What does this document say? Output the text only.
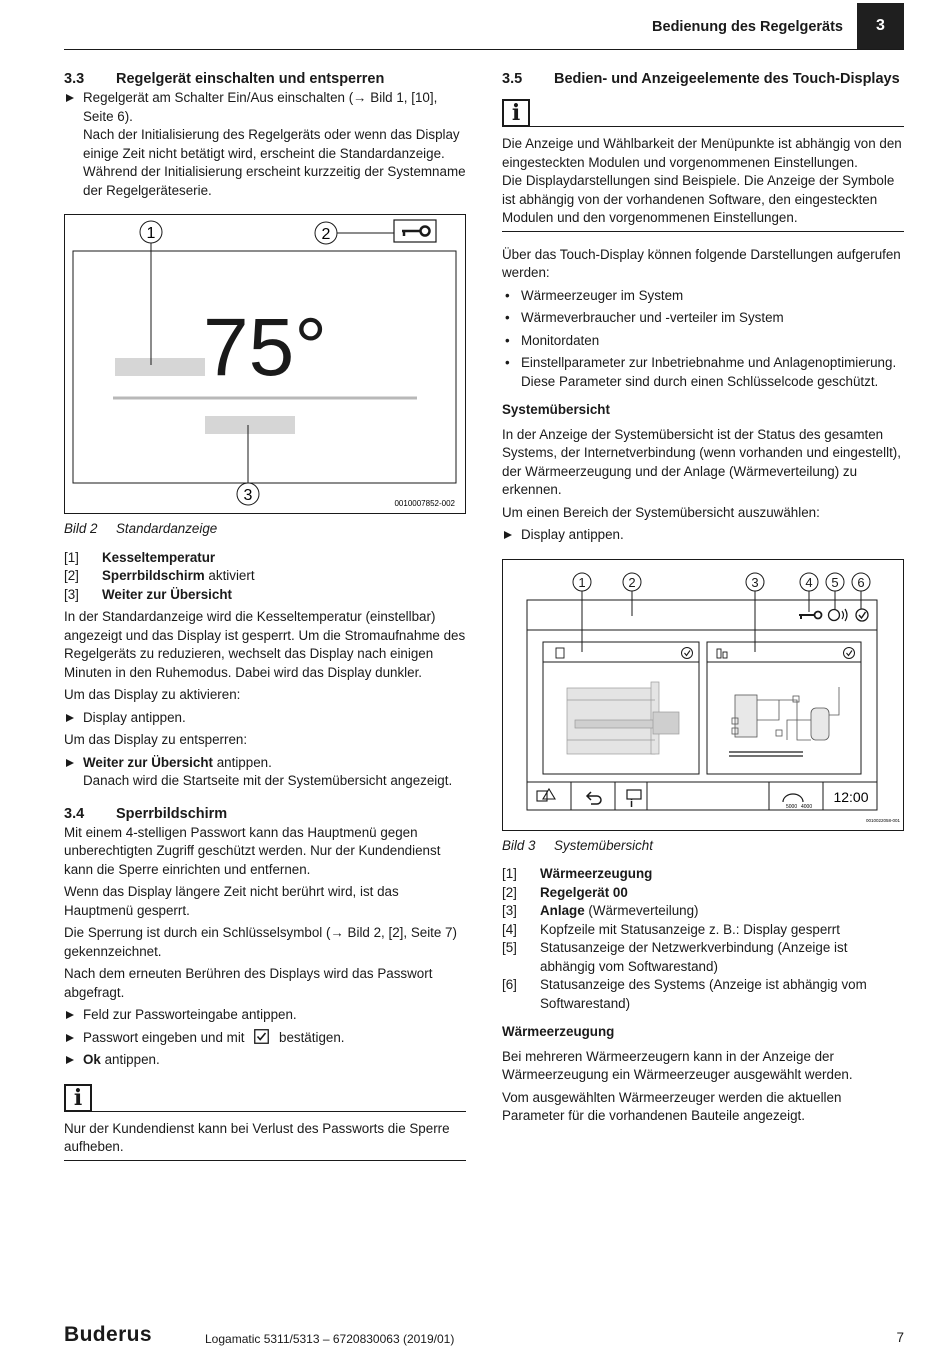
Bedienung des Regelgeräts	3
3.3	Regelgerät einschalten und entsperren
Regelgerät am Schalter Ein/Aus einschalten (→ Bild 1, [10], Seite 6).

Nach der Initialisierung des Regelgeräts oder wenn das Display einige Zeit nicht betätigt wird, erscheint die Standardanzeige.

Während der Initialisierung erscheint kurzzeitig der Systemname der Regelgeräteserie.

75°
1	2
3	0010007852-002
Bild 2	Standardanzeige
[1]	Kesseltemperatur
[2]	Sperrbildschirm aktiviert
[3]	Weiter zur Übersicht

In der Standardanzeige wird die Kesseltemperatur (einstellbar) angezeigt und das Display ist gesperrt. Um die Stromaufnahme des Regelgeräts zu reduzieren, wechselt das Display nach einigen Minuten in den Ruhemodus. Dabei wird das Display dunkler.

Um das Display zu aktivieren:

Display antippen.

Um das Display zu entsperren:

Weiter zur Übersicht antippen.

Danach wird die Startseite mit der Systemübersicht angezeigt.

3.4	Sperrbildschirm

Mit einem 4-stelligen Passwort kann das Hauptmenü gegen unberechtigten Zugriff geschützt werden. Nur der Kundendienst kann die Sperre einrichten und entfernen.

Wenn das Display längere Zeit nicht berührt wird, ist das Hauptmenü gesperrt.

Die Sperrung ist durch ein Schlüsselsymbol (→ Bild 2, [2], Seite 7) gekennzeichnet.

Nach dem erneuten Berühren des Displays wird das Passwort abgefragt.

Feld zur Passworteingabe antippen.
Passwort eingeben und mit	bestätigen.
Ok antippen.
i

Nur der Kundendienst kann bei Verlust des Passworts die Sperre aufheben.

3.5	Bedien- und Anzeigeelemente des Touch-Displays
i

Die Anzeige und Wählbarkeit der Menüpunkte ist abhängig von den eingesteckten Modulen und vorgenommenen Einstellungen.

Die Displaydarstellungen sind Beispiele. Die Anzeige der Symbole ist abhängig von der vorhandenen Software, den eingesteckten Modulen und den vorgenommenen Einstellungen.

Über das Touch-Display können folgende Darstellungen aufgerufen werden:

• Wärmeerzeuger im System
• Wärmeverbraucher und -verteiler im System
• Monitordaten
• Einstellparameter zur Inbetriebnahme und Anlagenoptimierung. Diese Parameter sind durch einen Schlüsselcode geschützt.
Systemübersicht

In der Anzeige der Systemübersicht ist der Status des gesamten Systems, der Internetverbindung (wenn vorhanden und eingestellt), der Wärmeerzeugung und der Anlage (Wärmeverteilung) zu erkennen.

Um einen Bereich der Systemübersicht auszuwählen:

Display antippen.
i	5000 4000
12:00
0010022058-001
1	2	3	4 5 6
Bild 3	Systemübersicht
[1]	Wärmeerzeugung
[2]	Regelgerät 00
[3]	Anlage (Wärmeverteilung)
[4]	Kopfzeile mit Statusanzeige z. B.: Display gesperrt
[5]	Statusanzeige der Netzwerkverbindung (Anzeige ist abhängig vom Softwarestand)
[6]	Statusanzeige des Systems (Anzeige ist abhängig vom Softwarestand)
Wärmeerzeugung

Bei mehreren Wärmeerzeugern kann in der Anzeige der Wärmeerzeugung ein Wärmeerzeuger ausgewählt werden.

Vom ausgewählten Wärmeerzeuger werden die aktuellen Parameter für die vorhandenen Bauteile angezeigt.

Buderus	Logamatic 5311/5313 – 6720830063 (2019/01)	7
